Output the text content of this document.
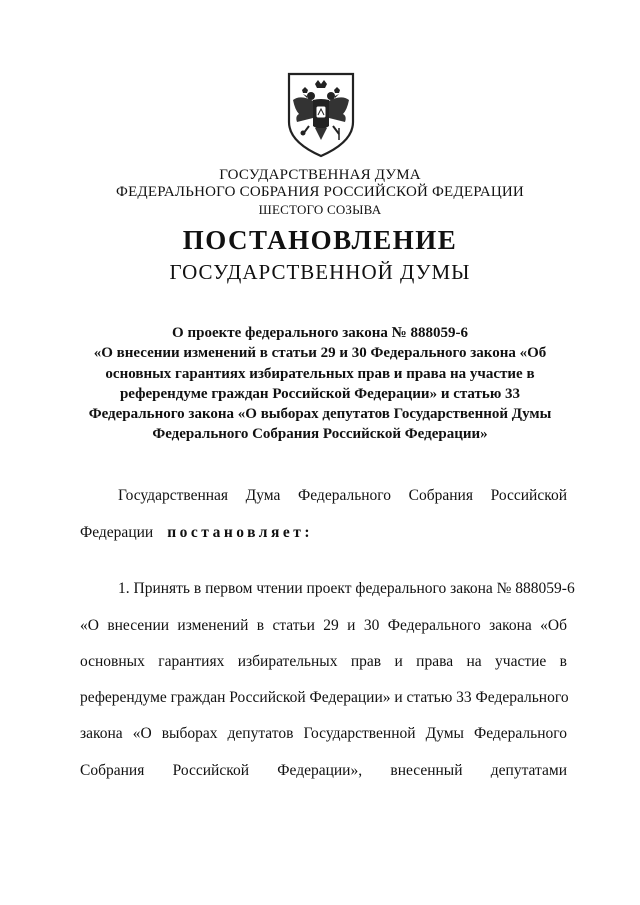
ГОСУДАРСТВЕННАЯ ДУМА
ФЕДЕРАЛЬНОГО СОБРАНИЯ РОССИЙСКОЙ ФЕДЕРАЦИИ
ШЕСТОГО СОЗЫВА
ПОСТАНОВЛЕНИЕ
ГОСУДАРСТВЕННОЙ ДУМЫ
О проекте федерального закона № 888059-6
«О внесении изменений в статьи 29 и 30 Федерального закона «Об
основных гарантиях избирательных прав и права на участие в
референдуме граждан Российской Федерации» и статью 33
Федерального закона «О выборах депутатов Государственной Думы
Федерального Собрания Российской Федерации»
Государственная Дума Федерального Собрания Российской
Федерации постановляет:
1. Принять в первом чтении проект федерального закона № 888059-6
«О внесении изменений в статьи 29 и 30 Федерального закона «Об
основных гарантиях избирательных прав и права на участие в
референдуме граждан Российской Федерации» и статью 33 Федерального
закона «О выборах депутатов Государственной Думы Федерального
Собрания Российской Федерации», внесенный депутатами
